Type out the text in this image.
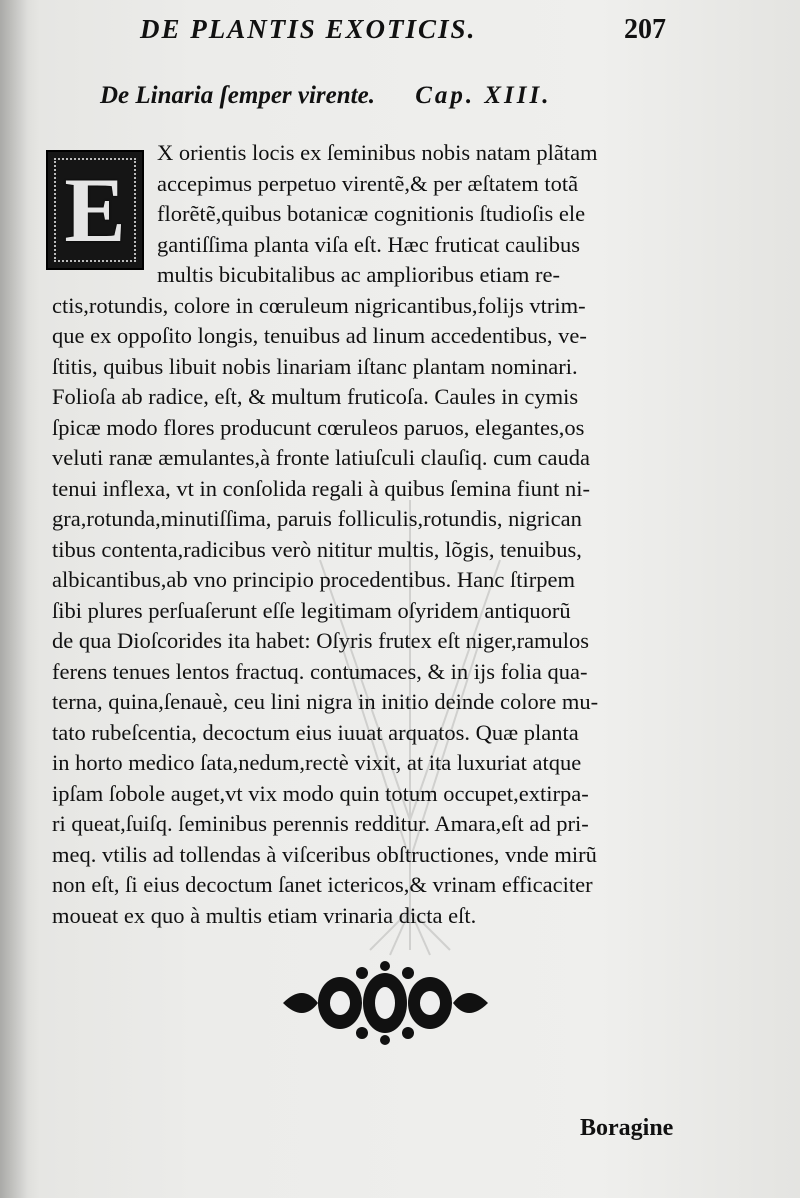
DE PLANTIS EXOTICIS.	207
De Linaria ſemper virente. Cap. XIII.
E
X orientis locis ex ſeminibus nobis natam plãtam
accepimus perpetuo virentẽ,& per æſtatem totã
florẽtẽ,quibus botanicæ cognitionis ſtudioſis ele
gantiſſima planta viſa eſt. Hæc fruticat caulibus
multis bicubitalibus ac amplioribus etiam re-
ctis,rotundis, colore in cœruleum nigricantibus,folijs vtrim-
que ex oppoſito longis, tenuibus ad linum accedentibus, ve-
ſtitis, quibus libuit nobis linariam iſtanc plantam nominari.
Folioſa ab radice, eſt, & multum fruticoſa. Caules in cymis
ſpicæ modo flores producunt cœruleos paruos, elegantes,os
veluti ranæ æmulantes,à fronte latiuſculi clauſiq. cum cauda
tenui inflexa, vt in conſolida regali à quibus ſemina fiunt ni-
gra,rotunda,minutiſſima, paruis folliculis,rotundis, nigrican
tibus contenta,radicibus verò nititur multis, lõgis, tenuibus,
albicantibus,ab vno principio procedentibus. Hanc ſtirpem
ſibi plures perſuaſerunt eſſe legitimam oſyridem antiquorũ
de qua Dioſcorides ita habet: Oſyris frutex eſt niger,ramulos
ferens tenues lentos fractuq. contumaces, & in ijs folia qua-
terna, quina,ſenauè, ceu lini nigra in initio deinde colore mu-
tato rubeſcentia, decoctum eius iuuat arquatos. Quæ planta
in horto medico ſata,nedum,rectè vixit, at ita luxuriat atque
ipſam ſobole auget,vt vix modo quin totum occupet,extirpa-
ri queat,ſuiſq. ſeminibus perennis redditur. Amara,eſt ad pri-
meq. vtilis ad tollendas à viſceribus obſtructiones, vnde mirũ
non eſt, ſi eius decoctum ſanet ictericos,& vrinam efficaciter
moueat ex quo à multis etiam vrinaria dicta eſt.
Boragine
